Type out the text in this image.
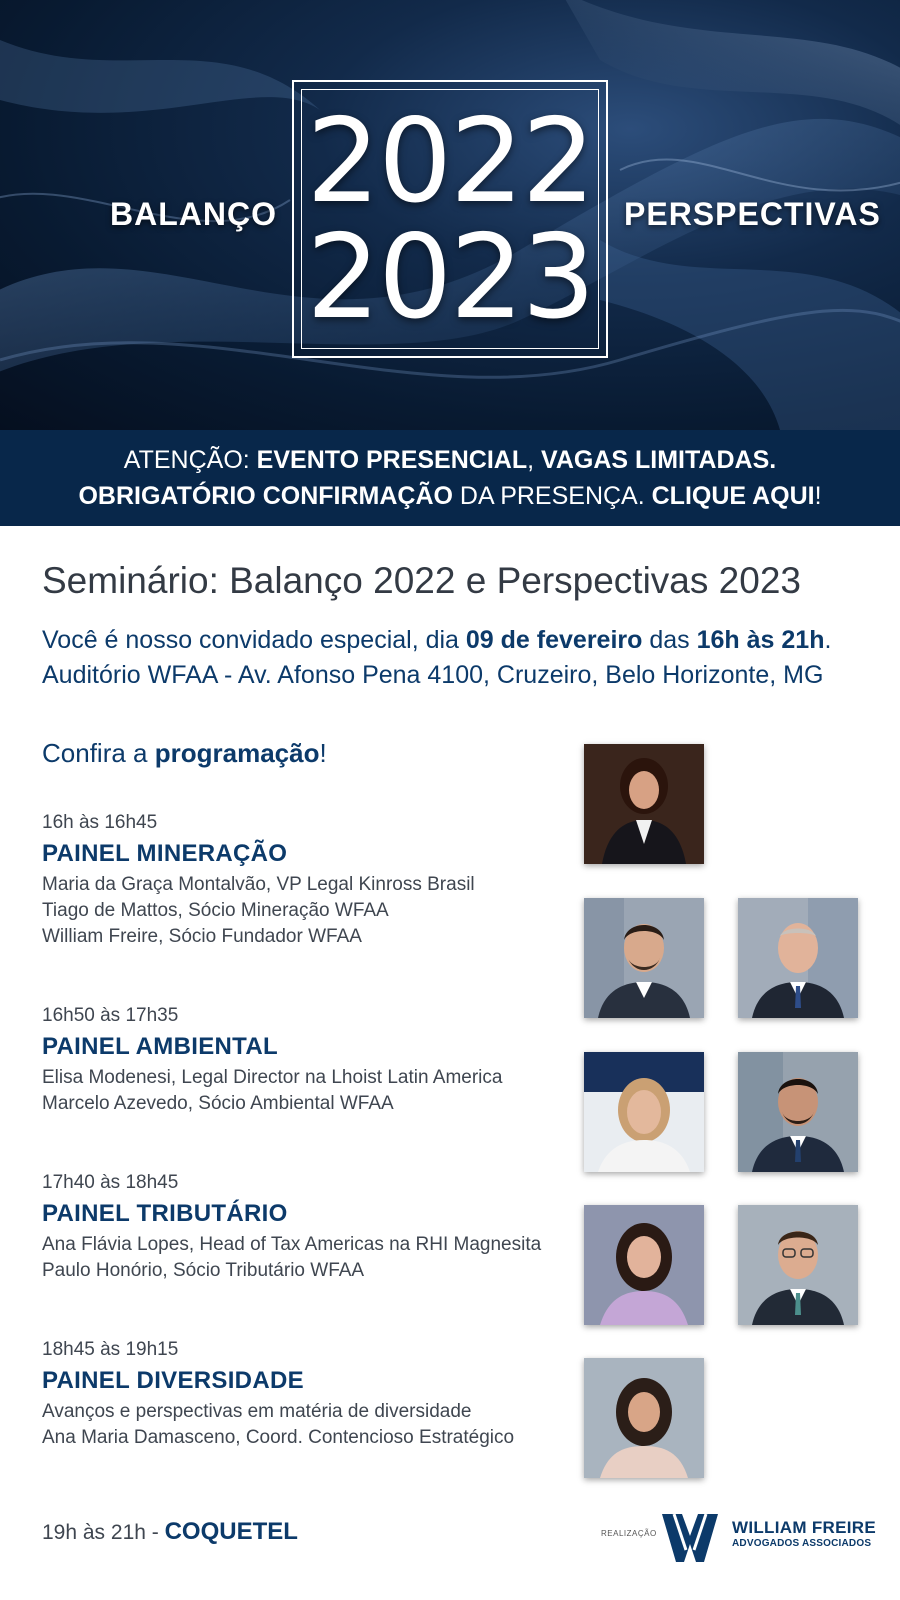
BALANÇO	PERSPECTIVAS
2022
2023
ATENÇÃO: EVENTO PRESENCIAL, VAGAS LIMITADAS.
OBRIGATÓRIO CONFIRMAÇÃO DA PRESENÇA. CLIQUE AQUI!
Seminário: Balanço 2022 e Perspectivas 2023
Você é nosso convidado especial, dia 09 de fevereiro das 16h às 21h.
Auditório WFAA - Av. Afonso Pena 4100, Cruzeiro, Belo Horizonte, MG
Confira a programação!
16h às 16h45
PAINEL MINERAÇÃO
Maria da Graça Montalvão, VP Legal Kinross Brasil
Tiago de Mattos, Sócio Mineração WFAA
William Freire, Sócio Fundador WFAA
16h50 às 17h35
PAINEL AMBIENTAL
Elisa Modenesi, Legal Director na Lhoist Latin America
Marcelo Azevedo, Sócio Ambiental WFAA
17h40 às 18h45
PAINEL TRIBUTÁRIO
Ana Flávia Lopes, Head of Tax Americas na RHI Magnesita
Paulo Honório, Sócio Tributário WFAA
18h45 às 19h15
PAINEL DIVERSIDADE
Avanços e perspectivas em matéria de diversidade
Ana Maria Damasceno, Coord. Contencioso Estratégico
19h às 21h - COQUETEL	REALIZAÇÃO	WILLIAM FREIRE
ADVOGADOS ASSOCIADOS
